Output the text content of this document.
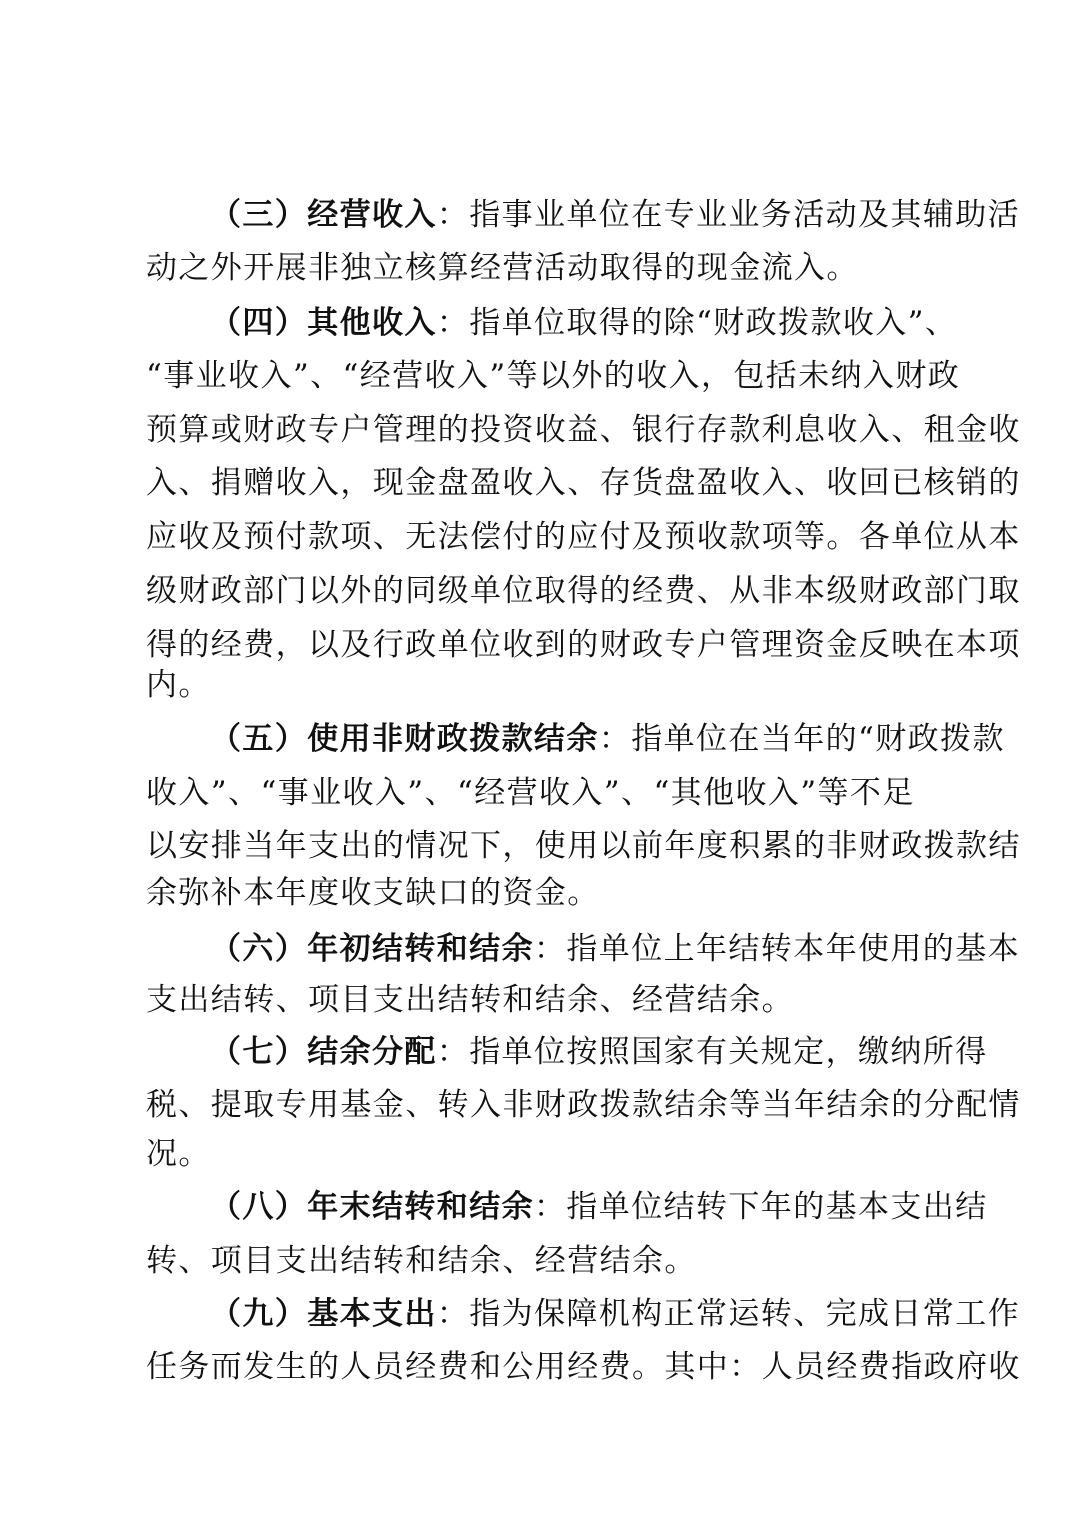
（三）经营收入：指事业单位在专业业务活动及其辅助活
动之外开展非独立核算经营活动取得的现金流入。
（四）其他收入：指单位取得的除“财政拨款收入”、
“事业收入”、“经营收入”等以外的收入，包括未纳入财政
预算或财政专户管理的投资收益、银行存款利息收入、租金收
入、捐赠收入，现金盘盈收入、存货盘盈收入、收回已核销的
应收及预付款项、无法偿付的应付及预收款项等。各单位从本
级财政部门以外的同级单位取得的经费、从非本级财政部门取
得的经费，以及行政单位收到的财政专户管理资金反映在本项
内。
（五）使用非财政拨款结余：指单位在当年的“财政拨款
收入”、“事业收入”、“经营收入”、“其他收入”等不足
以安排当年支出的情况下，使用以前年度积累的非财政拨款结
余弥补本年度收支缺口的资金。
（六）年初结转和结余：指单位上年结转本年使用的基本
支出结转、项目支出结转和结余、经营结余。
（七）结余分配：指单位按照国家有关规定，缴纳所得
税、提取专用基金、转入非财政拨款结余等当年结余的分配情
况。
（八）年末结转和结余：指单位结转下年的基本支出结
转、项目支出结转和结余、经营结余。
（九）基本支出：指为保障机构正常运转、完成日常工作
任务而发生的人员经费和公用经费。其中：人员经费指政府收
